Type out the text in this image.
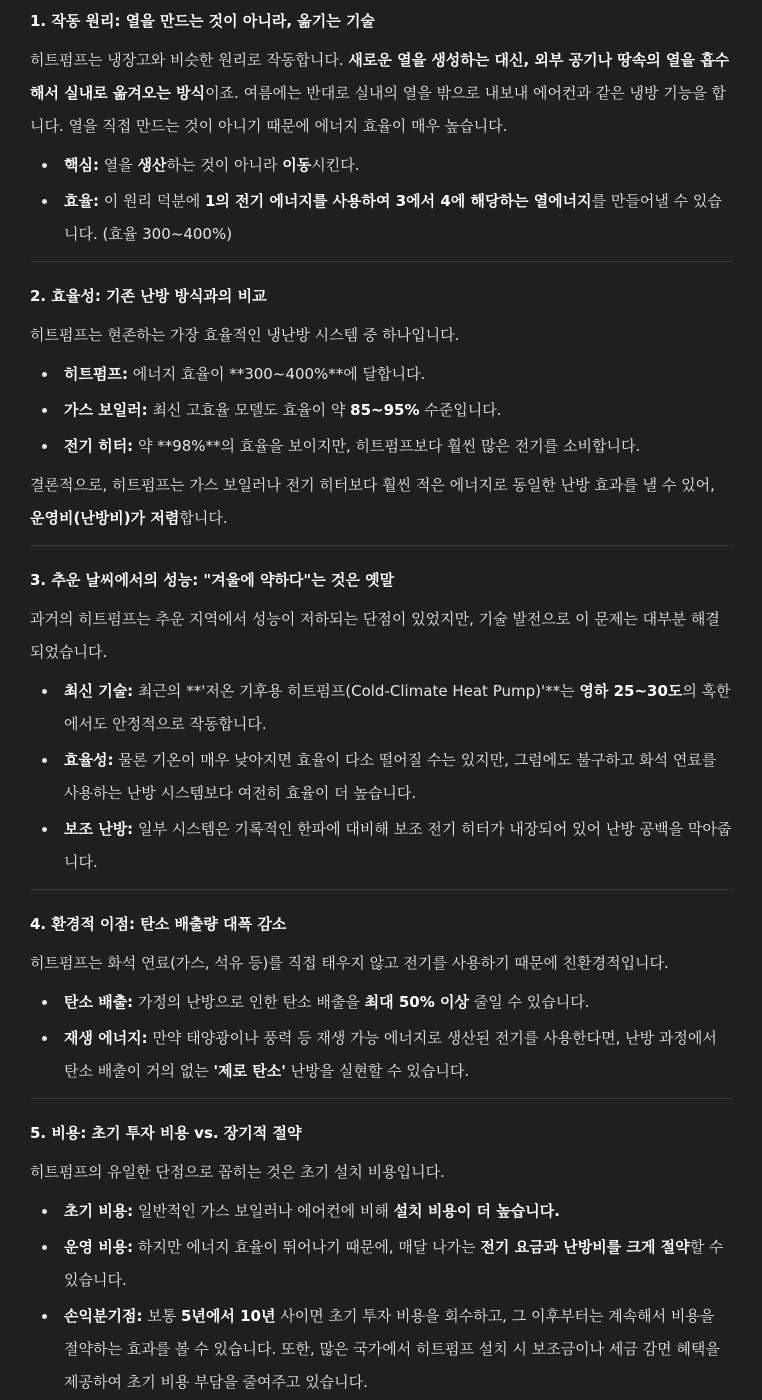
1. 작동 원리: 열을 만드는 것이 아니라, 옮기는 기술

히트펌프는 냉장고와 비슷한 원리로 작동합니다. 새로운 열을 생성하는 대신, 외부 공기나 땅속의 열을 흡수해서 실내로 옮겨오는 방식이죠. 여름에는 반대로 실내의 열을 밖으로 내보내 에어컨과 같은 냉방 기능을 합니다. 열을 직접 만드는 것이 아니기 때문에 에너지 효율이 매우 높습니다.

핵심: 열을 생산하는 것이 아니라 이동시킨다.
효율: 이 원리 덕분에 1의 전기 에너지를 사용하여 3에서 4에 해당하는 열에너지를 만들어낼 수 있습니다. (효율 300~400%)
2. 효율성: 기존 난방 방식과의 비교

히트펌프는 현존하는 가장 효율적인 냉난방 시스템 중 하나입니다.

히트펌프: 에너지 효율이 **300~400%**에 달합니다.
가스 보일러: 최신 고효율 모델도 효율이 약 85~95% 수준입니다.
전기 히터: 약 **98%**의 효율을 보이지만, 히트펌프보다 훨씬 많은 전기를 소비합니다.

결론적으로, 히트펌프는 가스 보일러나 전기 히터보다 훨씬 적은 에너지로 동일한 난방 효과를 낼 수 있어, 운영비(난방비)가 저렴합니다.

3. 추운 날씨에서의 성능: "겨울에 약하다"는 것은 옛말

과거의 히트펌프는 추운 지역에서 성능이 저하되는 단점이 있었지만, 기술 발전으로 이 문제는 대부분 해결되었습니다.

최신 기술: 최근의 **'저온 기후용 히트펌프(Cold-Climate Heat Pump)'**는 영하 25~30도의 혹한에서도 안정적으로 작동합니다.
효율성: 물론 기온이 매우 낮아지면 효율이 다소 떨어질 수는 있지만, 그럼에도 불구하고 화석 연료를 사용하는 난방 시스템보다 여전히 효율이 더 높습니다.
보조 난방: 일부 시스템은 기록적인 한파에 대비해 보조 전기 히터가 내장되어 있어 난방 공백을 막아줍니다.
4. 환경적 이점: 탄소 배출량 대폭 감소

히트펌프는 화석 연료(가스, 석유 등)를 직접 태우지 않고 전기를 사용하기 때문에 친환경적입니다.

탄소 배출: 가정의 난방으로 인한 탄소 배출을 최대 50% 이상 줄일 수 있습니다.
재생 에너지: 만약 태양광이나 풍력 등 재생 가능 에너지로 생산된 전기를 사용한다면, 난방 과정에서 탄소 배출이 거의 없는 '제로 탄소' 난방을 실현할 수 있습니다.
5. 비용: 초기 투자 비용 vs. 장기적 절약

히트펌프의 유일한 단점으로 꼽히는 것은 초기 설치 비용입니다.

초기 비용: 일반적인 가스 보일러나 에어컨에 비해 설치 비용이 더 높습니다.
운영 비용: 하지만 에너지 효율이 뛰어나기 때문에, 매달 나가는 전기 요금과 난방비를 크게 절약할 수 있습니다.
손익분기점: 보통 5년에서 10년 사이면 초기 투자 비용을 회수하고, 그 이후부터는 계속해서 비용을 절약하는 효과를 볼 수 있습니다. 또한, 많은 국가에서 히트펌프 설치 시 보조금이나 세금 감면 혜택을 제공하여 초기 비용 부담을 줄여주고 있습니다.
